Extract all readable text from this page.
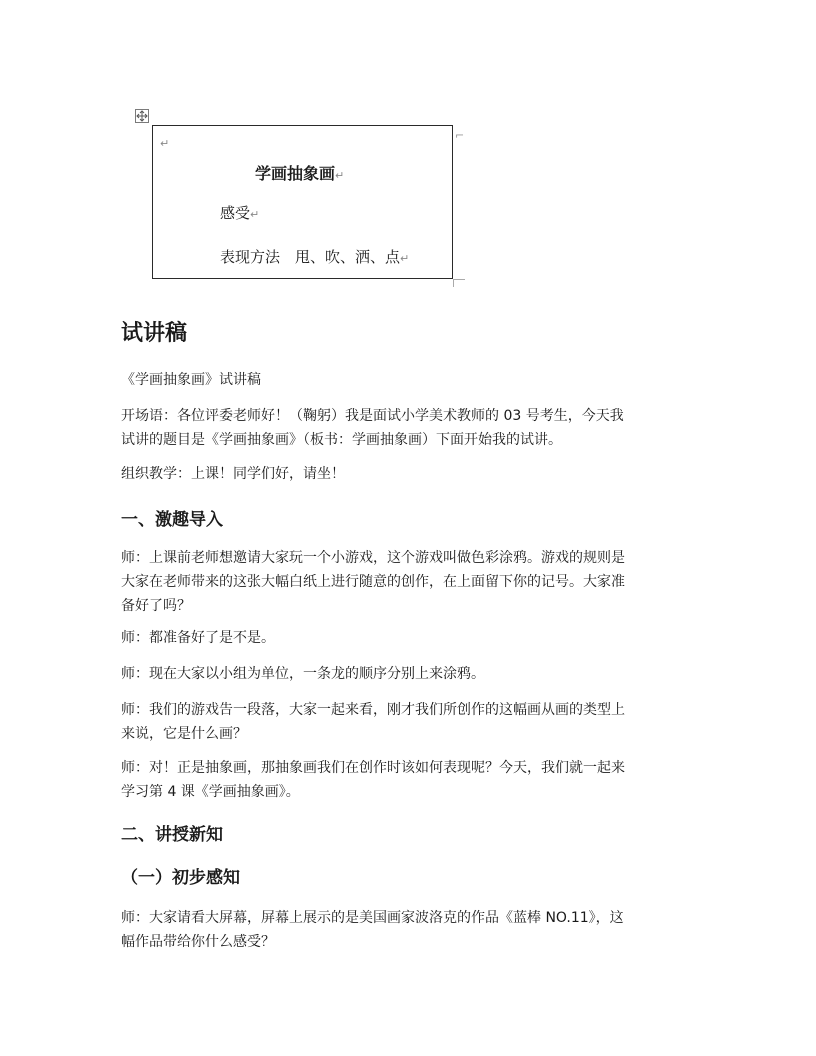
↵
⌐
学画抽象画↵
感受↵
表现方法　甩、吹、洒、点↵
试讲稿
《学画抽象画》试讲稿
开场语：各位评委老师好！（鞠躬）我是面试小学美术教师的 03 号考生，今天我
试讲的题目是《学画抽象画》（板书：学画抽象画）下面开始我的试讲。
组织教学：上课！同学们好，请坐！
一、激趣导入
师：上课前老师想邀请大家玩一个小游戏，这个游戏叫做色彩涂鸦。游戏的规则是
大家在老师带来的这张大幅白纸上进行随意的创作，在上面留下你的记号。大家准
备好了吗？
师：都准备好了是不是。
师：现在大家以小组为单位，一条龙的顺序分别上来涂鸦。
师：我们的游戏告一段落，大家一起来看，刚才我们所创作的这幅画从画的类型上
来说，它是什么画？
师：对！正是抽象画，那抽象画我们在创作时该如何表现呢？今天，我们就一起来
学习第 4 课《学画抽象画》。
二、讲授新知
（一）初步感知
师：大家请看大屏幕，屏幕上展示的是美国画家波洛克的作品《蓝棒 NO.11》，这
幅作品带给你什么感受？
